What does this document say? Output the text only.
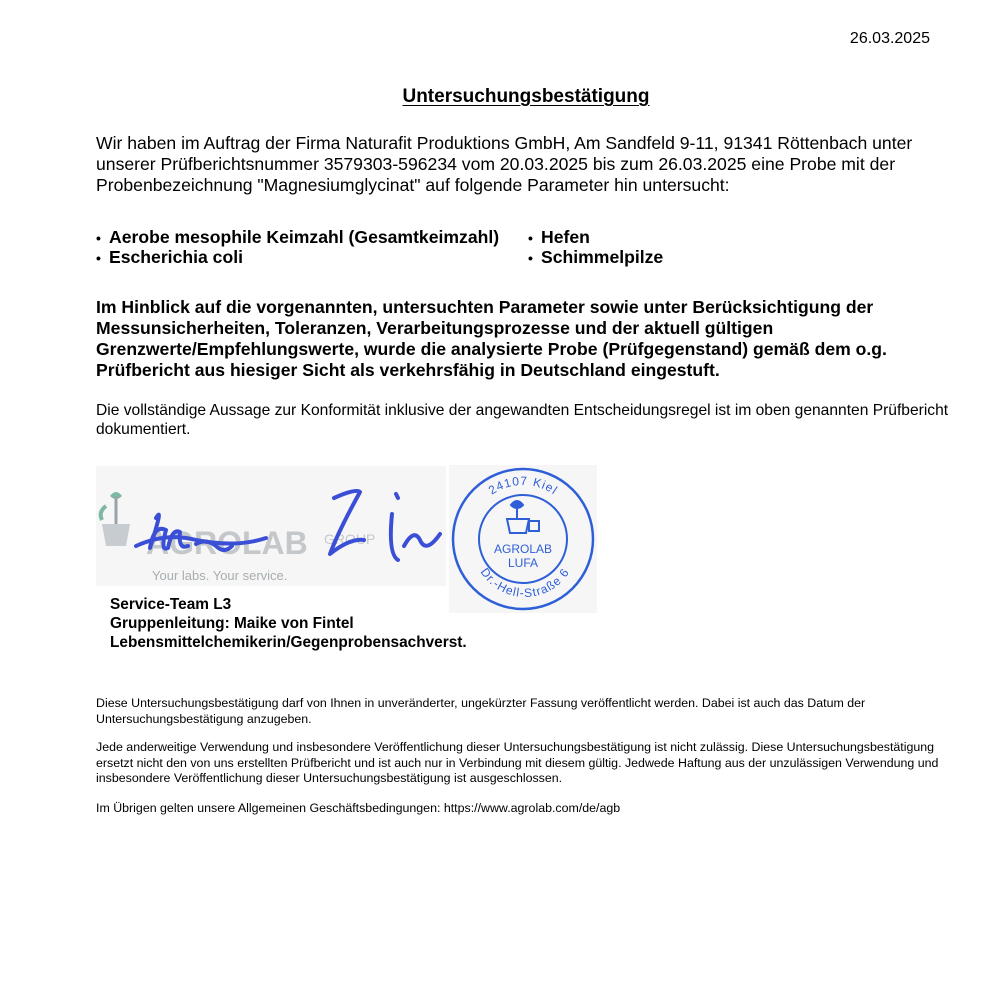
26.03.2025
Untersuchungsbestätigung
Wir haben im Auftrag der Firma Naturafit Produktions GmbH, Am Sandfeld 9-11, 91341 Röttenbach unter unserer Prüfberichtsnummer 3579303-596234 vom 20.03.2025 bis zum 26.03.2025 eine Probe mit der Probenbezeichnung "Magnesiumglycinat" auf folgende Parameter hin untersucht:
• Aerobe mesophile Keimzahl (Gesamtkeimzahl)
• Escherichia coli
• Hefen
• Schimmelpilze
Im Hinblick auf die vorgenannten, untersuchten Parameter sowie unter Berücksichtigung der Messunsicherheiten, Toleranzen, Verarbeitungsprozesse und der aktuell gültigen Grenzwerte/Empfehlungswerte, wurde die analysierte Probe (Prüfgegenstand) gemäß dem o.g. Prüfbericht aus hiesiger Sicht als verkehrsfähig in Deutschland eingestuft.
Die vollständige Aussage zur Konformität inklusive der angewandten Entscheidungsregel ist im oben genannten Prüfbericht dokumentiert.
AGROLAB GROUP
Your labs. Your service.
24107 Kiel
Dr.-Hell-Straße 6
AGROLAB
LUFA
Service-Team L3
Gruppenleitung: Maike von Fintel
Lebensmittelchemikerin/Gegenprobensachverst.
Diese Untersuchungsbestätigung darf von Ihnen in unveränderter, ungekürzter Fassung veröffentlicht werden. Dabei ist auch das Datum der Untersuchungsbestätigung anzugeben.
Jede anderweitige Verwendung und insbesondere Veröffentlichung dieser Untersuchungsbestätigung ist nicht zulässig. Diese Untersuchungsbestätigung ersetzt nicht den von uns erstellten Prüfbericht und ist auch nur in Verbindung mit diesem gültig. Jedwede Haftung aus der unzulässigen Verwendung und insbesondere Veröffentlichung dieser Untersuchungsbestätigung ist ausgeschlossen.
Im Übrigen gelten unsere Allgemeinen Geschäftsbedingungen: https://www.agrolab.com/de/agb
